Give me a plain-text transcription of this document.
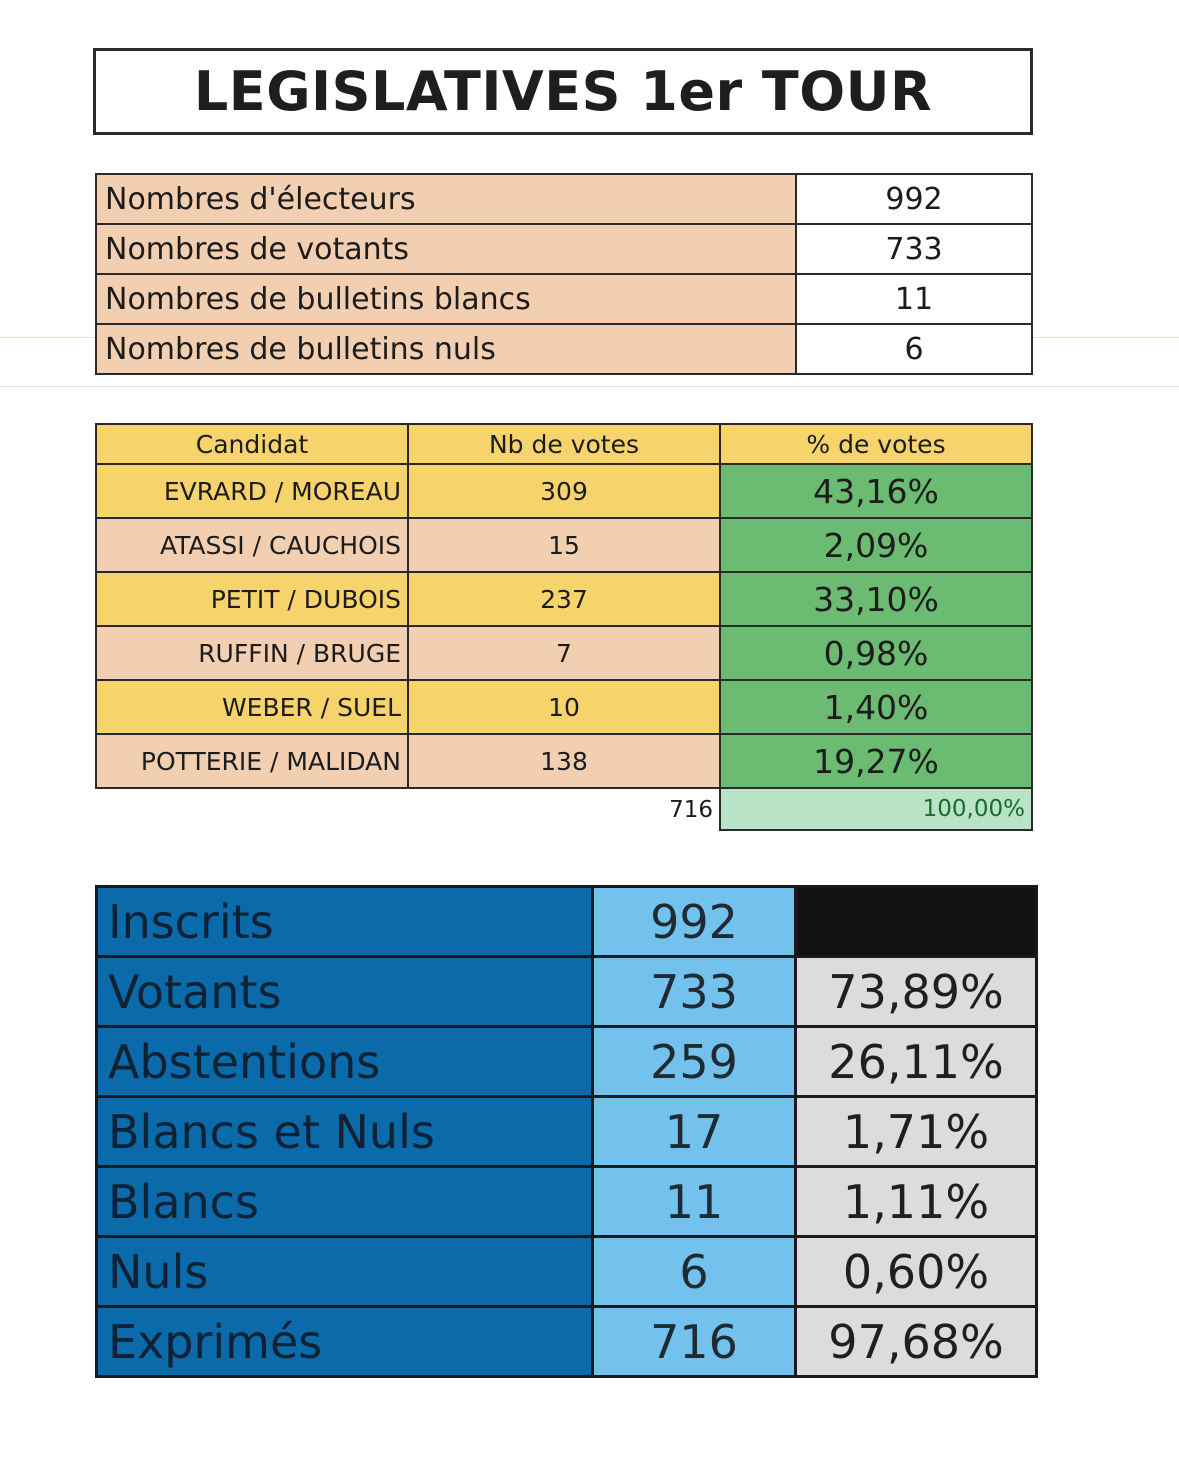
LEGISLATIVES 1er TOUR
Nombres d'électeurs	992
Nombres de votants	733
Nombres de bulletins blancs	11
Nombres de bulletins nuls	6
Candidat	Nb de votes	% de votes
EVRARD / MOREAU	309	43,16%
ATASSI / CAUCHOIS	15	2,09%
PETIT / DUBOIS	237	33,10%
RUFFIN / BRUGE	7	0,98%
WEBER / SUEL	10	1,40%
POTTERIE / MALIDAN	138	19,27%
	716	100,00%
Inscrits	992	
Votants	733	73,89%
Abstentions	259	26,11%
Blancs et Nuls	17	1,71%
Blancs	11	1,11%
Nuls	6	0,60%
Exprimés	716	97,68%
